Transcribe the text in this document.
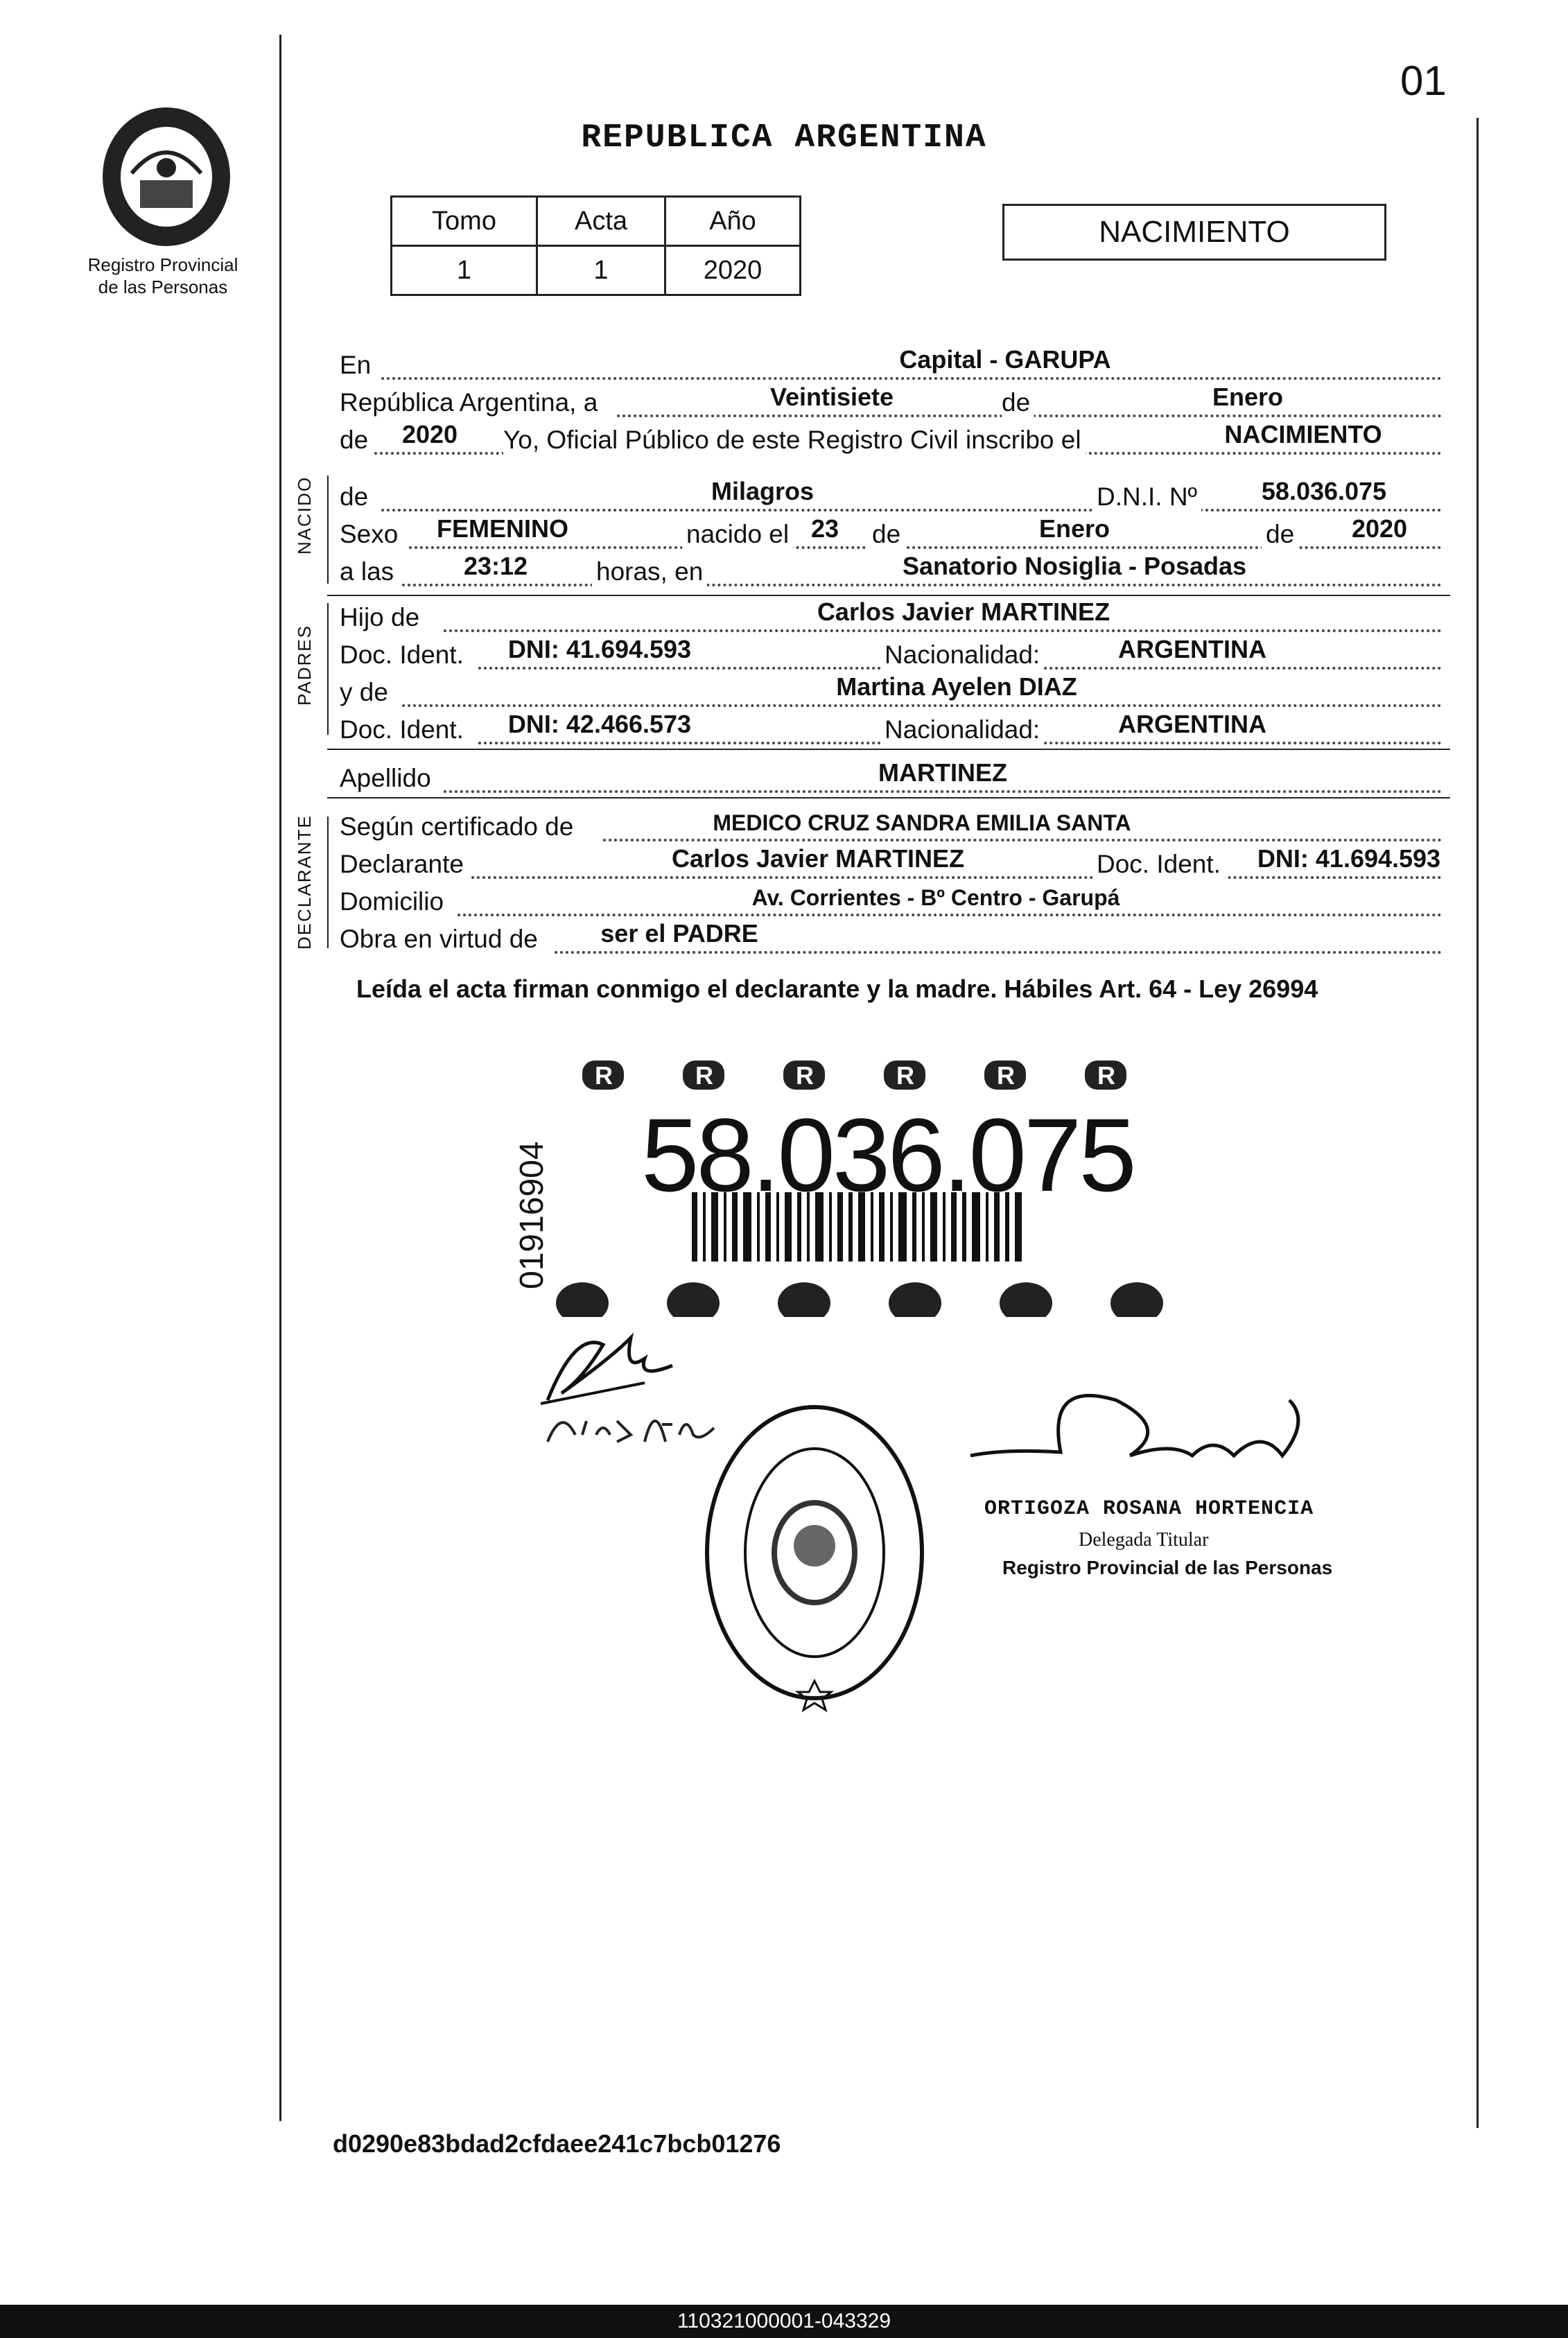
Registro Provincial
de las Personas
01
REPUBLICA ARGENTINA
Tomo	Acta	Año
1	1	2020
NACIMIENTO
En	Capital - GARUPA
República Argentina, a	Veintisiete	de	Enero
de	2020	Yo, Oficial Público de este Registro Civil inscribo el	NACIMIENTO
NACIDO de	Milagros	D.N.I. Nº	58.036.075
Sexo	FEMENINO	nacido el 23	de	Enero	de	2020
a las	23:12	horas, en	Sanatorio Nosiglia - Posadas
PADRES
Hijo de	Carlos Javier MARTINEZ
Doc. Ident.	DNI: 41.694.593	Nacionalidad:	ARGENTINA
y de	Martina Ayelen DIAZ
Doc. Ident.	DNI: 42.466.573	Nacionalidad:	ARGENTINA
Apellido	MARTINEZ
DECLARANTE Según certificado de	MEDICO CRUZ SANDRA EMILIA SANTA
Declarante	Carlos Javier MARTINEZ	Doc. Ident.	DNI: 41.694.593
Domicilio	Av. Corrientes - Bº Centro - Garupá
Obra en virtud de	ser el PADRE
Leída el acta firman conmigo el declarante y la madre. Hábiles Art. 64 - Ley 26994
R	R	R	R	R	R
58.036.075
01916904
ORTIGOZA ROSANA HORTENCIA
Delegada Titular
Registro Provincial de las Personas
d0290e83bdad2cfdaee241c7bcb01276
110321000001-043329
